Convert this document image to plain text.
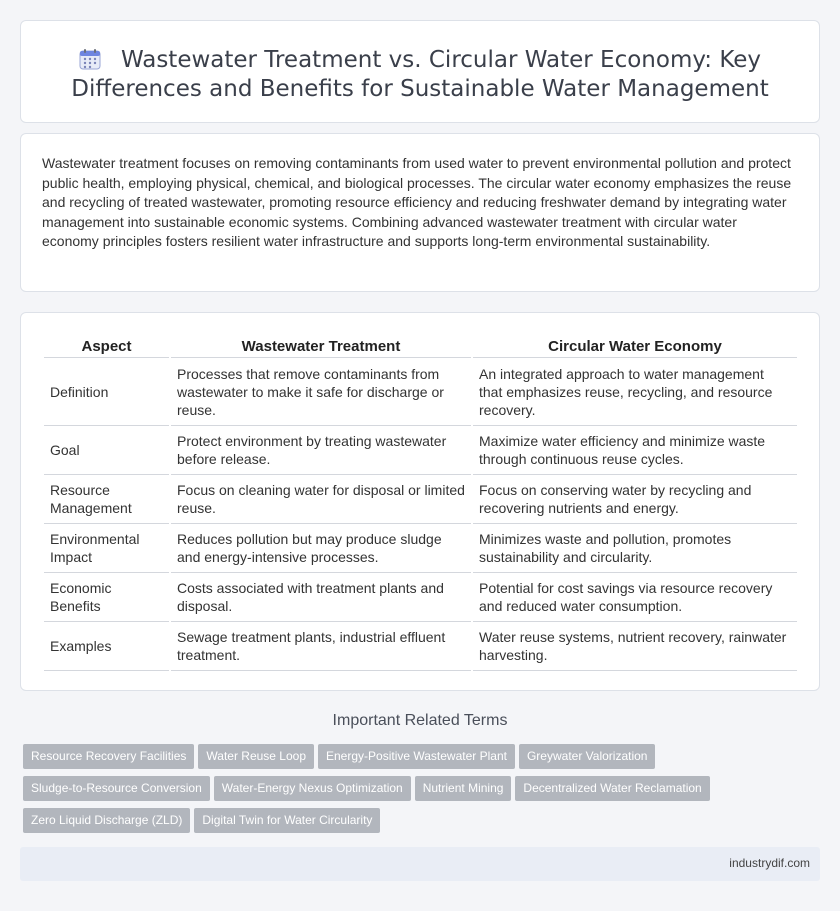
Wastewater Treatment vs. Circular Water Economy: Key Differences and Benefits for Sustainable Water Management

Wastewater treatment focuses on removing contaminants from used water to prevent environmental pollution and protect public health, employing physical, chemical, and biological processes. The circular water economy emphasizes the reuse and recycling of treated wastewater, promoting resource efficiency and reducing freshwater demand by integrating water management into sustainable economic systems. Combining advanced wastewater treatment with circular water economy principles fosters resilient water infrastructure and supports long-term environmental sustainability.

Aspect	Wastewater Treatment	Circular Water Economy
Definition	Processes that remove contaminants from wastewater to make it safe for discharge or reuse.	An integrated approach to water management that emphasizes reuse, recycling, and resource recovery.
Goal	Protect environment by treating wastewater before release.	Maximize water efficiency and minimize waste through continuous reuse cycles.
Resource Management	Focus on cleaning water for disposal or limited reuse.	Focus on conserving water by recycling and recovering nutrients and energy.
Environmental Impact	Reduces pollution but may produce sludge and energy-intensive processes.	Minimizes waste and pollution, promotes sustainability and circularity.
Economic Benefits	Costs associated with treatment plants and disposal.	Potential for cost savings via resource recovery and reduced water consumption.
Examples	Sewage treatment plants, industrial effluent treatment.	Water reuse systems, nutrient recovery, rainwater harvesting.
Important Related Terms
Resource Recovery Facilities Water Reuse Loop Energy-Positive Wastewater Plant Greywater Valorization
Sludge-to-Resource Conversion Water-Energy Nexus Optimization Nutrient Mining Decentralized Water Reclamation
Zero Liquid Discharge (ZLD) Digital Twin for Water Circularity
industrydif.com
